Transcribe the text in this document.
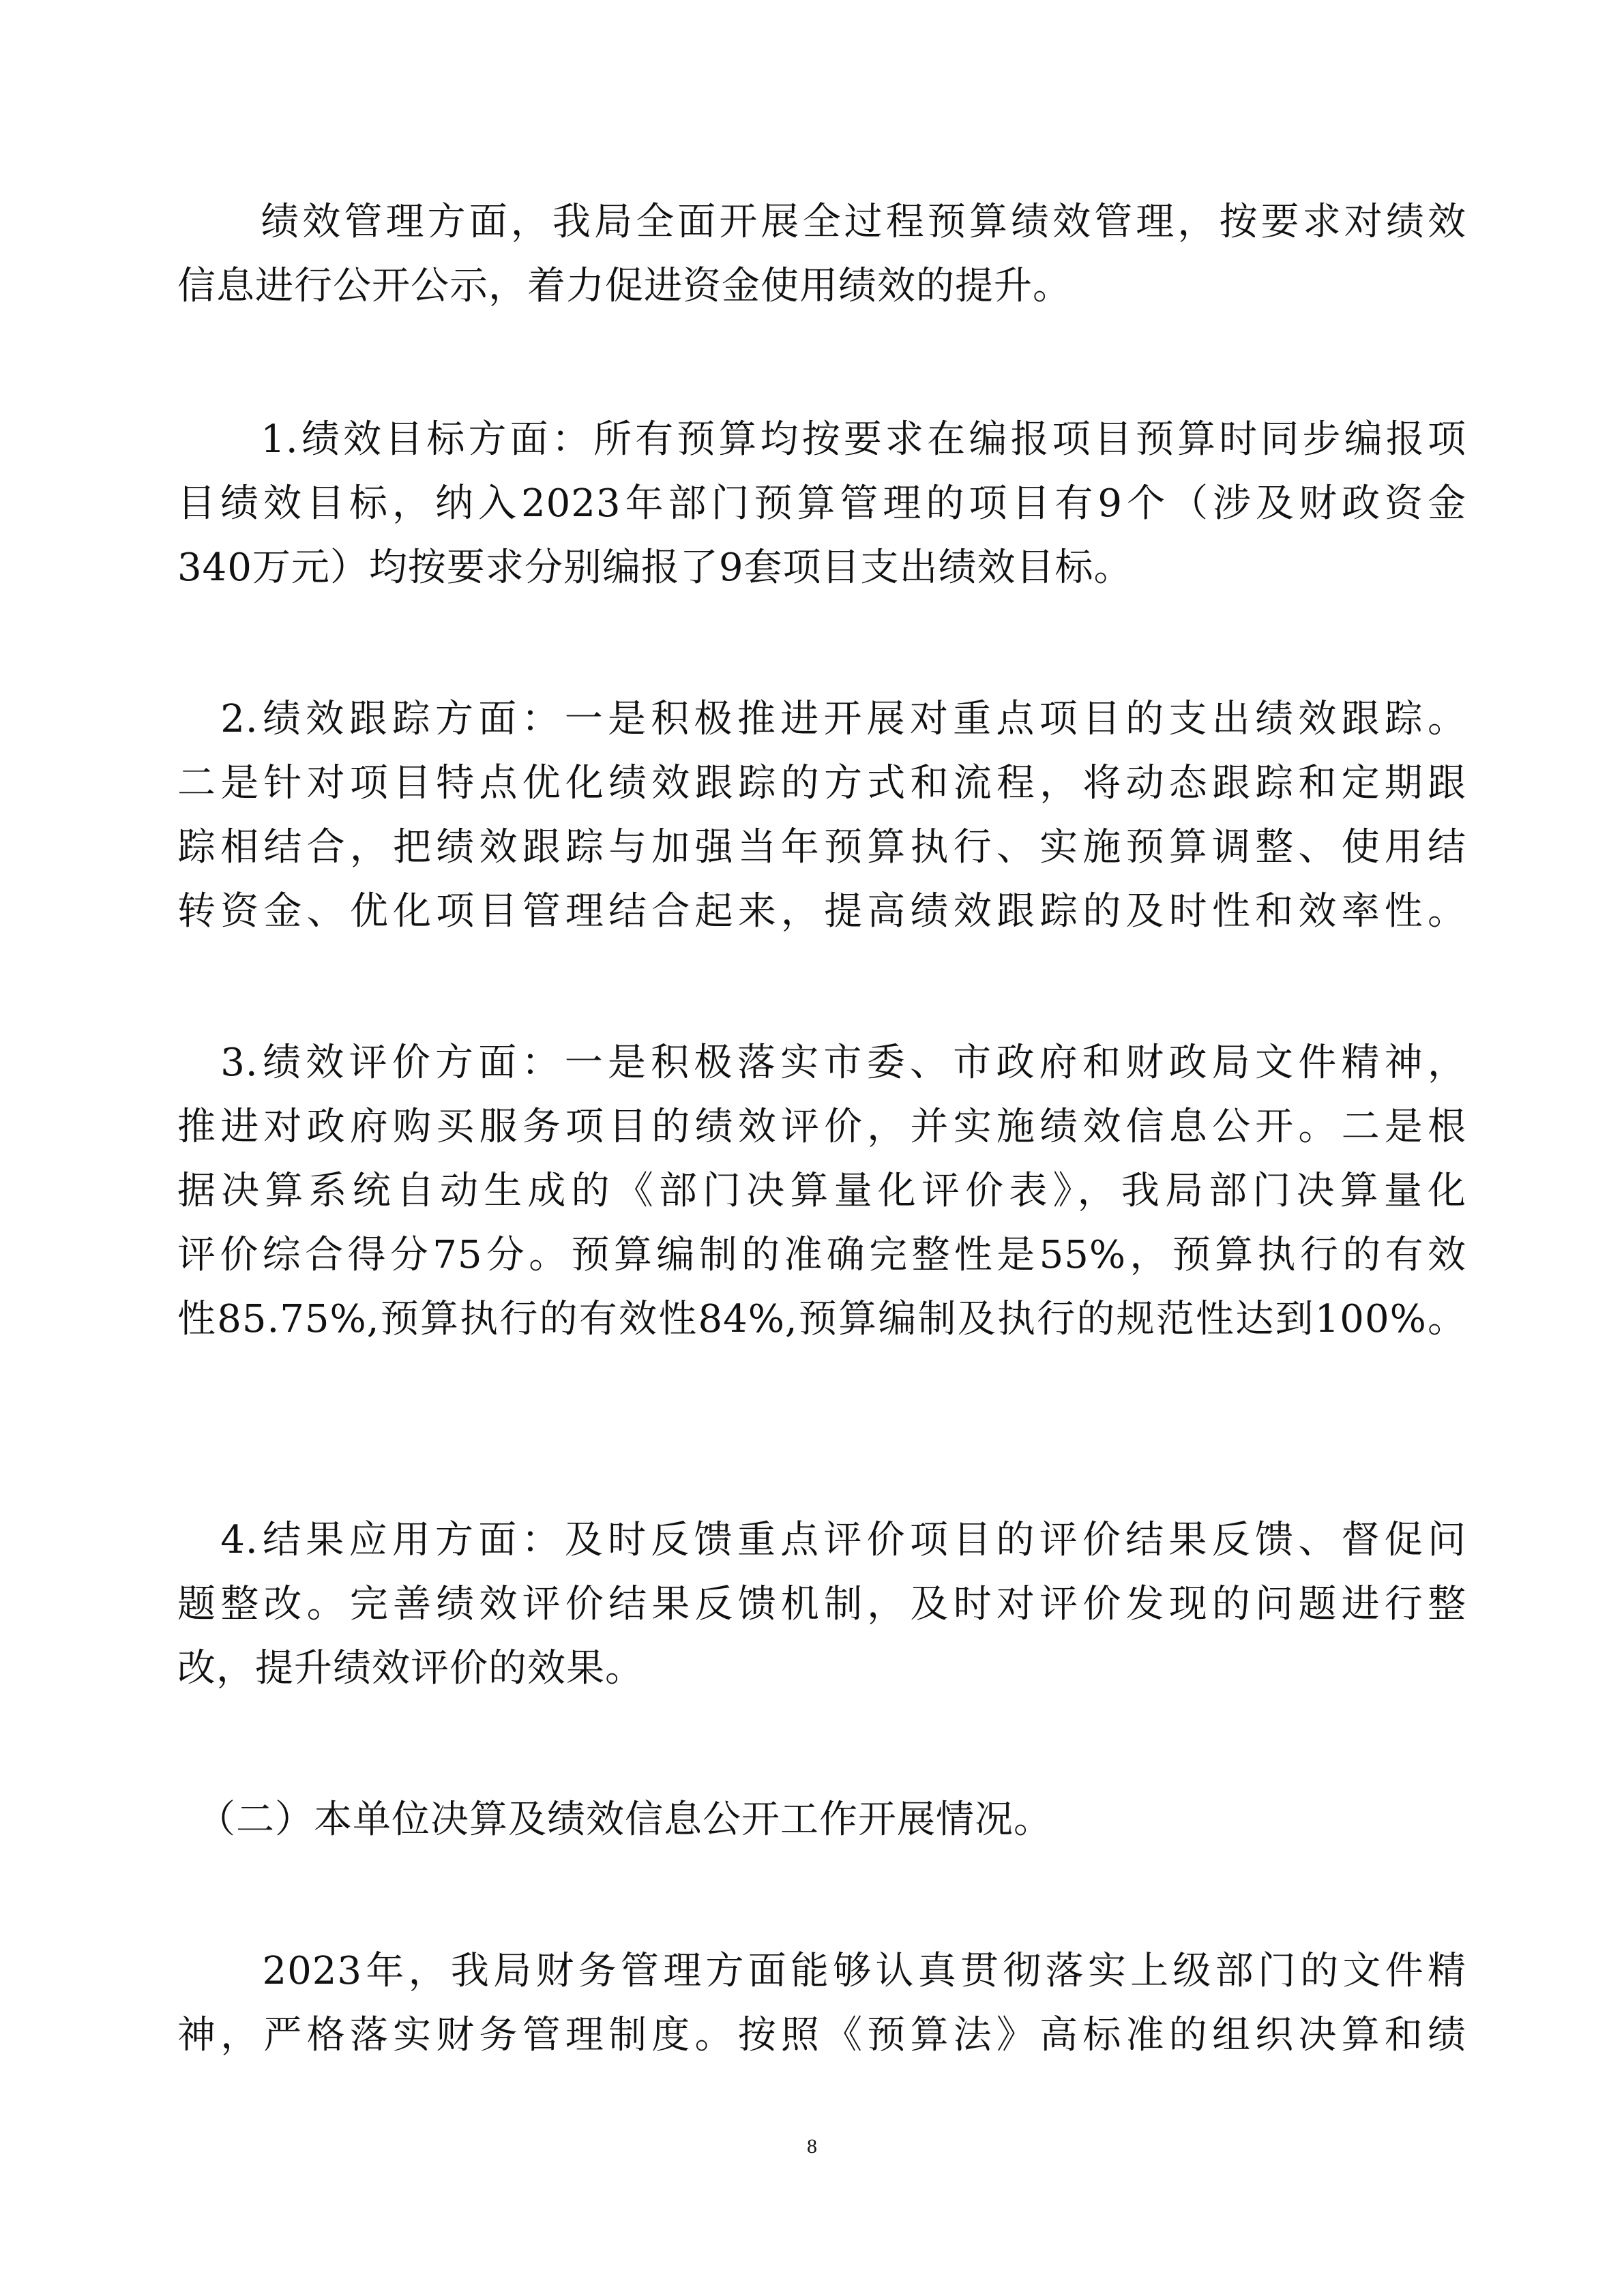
　　绩效管理方面，我局全面开展全过程预算绩效管理，按要求对绩效
信息进行公开公示，着力促进资金使用绩效的提升。
　　1.绩效目标方面：所有预算均按要求在编报项目预算时同步编报项
目绩效目标，纳入2023年部门预算管理的项目有9个（涉及财政资金
340万元）均按要求分别编报了9套项目支出绩效目标。
　2.绩效跟踪方面：一是积极推进开展对重点项目的支出绩效跟踪。
二是针对项目特点优化绩效跟踪的方式和流程，将动态跟踪和定期跟
踪相结合，把绩效跟踪与加强当年预算执行、实施预算调整、使用结
转资金、优化项目管理结合起来，提高绩效跟踪的及时性和效率性。
　3.绩效评价方面：一是积极落实市委、市政府和财政局文件精神，
推进对政府购买服务项目的绩效评价，并实施绩效信息公开。二是根
据决算系统自动生成的《部门决算量化评价表》，我局部门决算量化
评价综合得分75分。预算编制的准确完整性是55%，预算执行的有效
性85.75%,预算执行的有效性84%,预算编制及执行的规范性达到100%。
　4.结果应用方面：及时反馈重点评价项目的评价结果反馈、督促问
题整改。完善绩效评价结果反馈机制，及时对评价发现的问题进行整
改，提升绩效评价的效果。
　（二）本单位决算及绩效信息公开工作开展情况。
　　2023年，我局财务管理方面能够认真贯彻落实上级部门的文件精
神，严格落实财务管理制度。按照《预算法》高标准的组织决算和绩
8
